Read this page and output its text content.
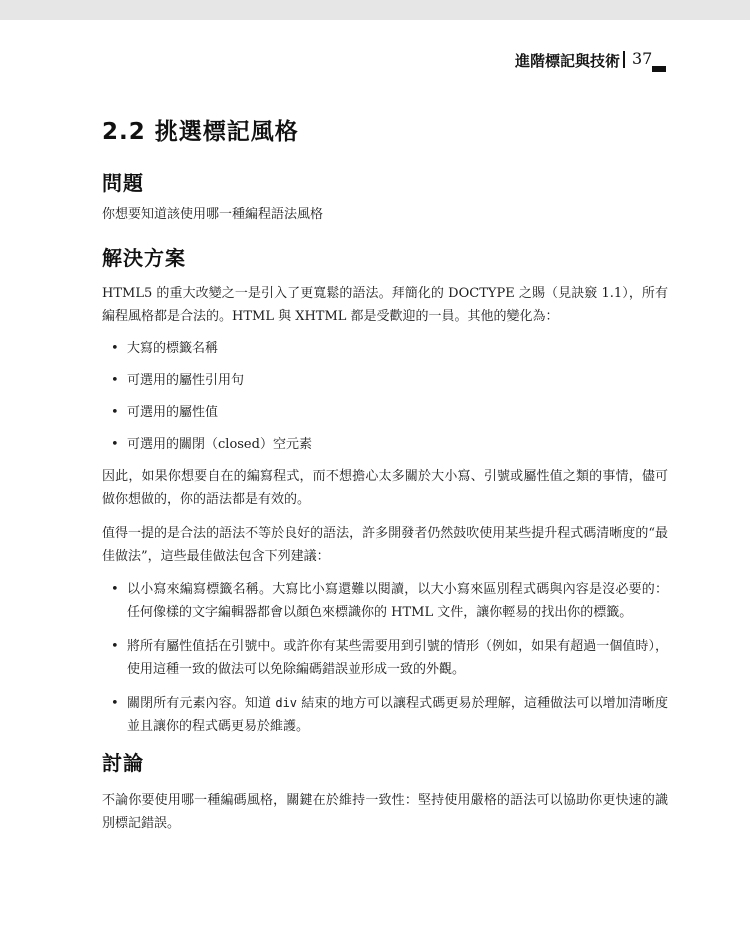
進階標記與技術 37
2.2 挑選標記風格
問題

你想要知道該使用哪一種編程語法風格

解決方案

HTML5 的重大改變之一是引入了更寬鬆的語法。拜簡化的 DOCTYPE 之賜（見訣竅 1.1），所有編程風格都是合法的。HTML 與 XHTML 都是受歡迎的一員。其他的變化為：

• 大寫的標籤名稱
• 可選用的屬性引用句
• 可選用的屬性值
• 可選用的關閉（closed）空元素

因此，如果你想要自在的編寫程式，而不想擔心太多關於大小寫、引號或屬性值之類的事情，儘可做你想做的，你的語法都是有效的。

值得一提的是合法的語法不等於良好的語法，許多開發者仍然鼓吹使用某些提升程式碼清晰度的“最佳做法”，這些最佳做法包含下列建議：

• 以小寫來編寫標籤名稱。大寫比小寫還難以閱讀，以大小寫來區別程式碼與內容是沒必要的：任何像樣的文字編輯器都會以顏色來標識你的 HTML 文件，讓你輕易的找出你的標籤。
• 將所有屬性值括在引號中。或許你有某些需要用到引號的情形（例如，如果有超過一個值時），使用這種一致的做法可以免除編碼錯誤並形成一致的外觀。
• 關閉所有元素內容。知道 div 結束的地方可以讓程式碼更易於理解，這種做法可以增加清晰度並且讓你的程式碼更易於維護。
討論

不論你要使用哪一種編碼風格，關鍵在於維持一致性：堅持使用嚴格的語法可以協助你更快速的識別標記錯誤。
